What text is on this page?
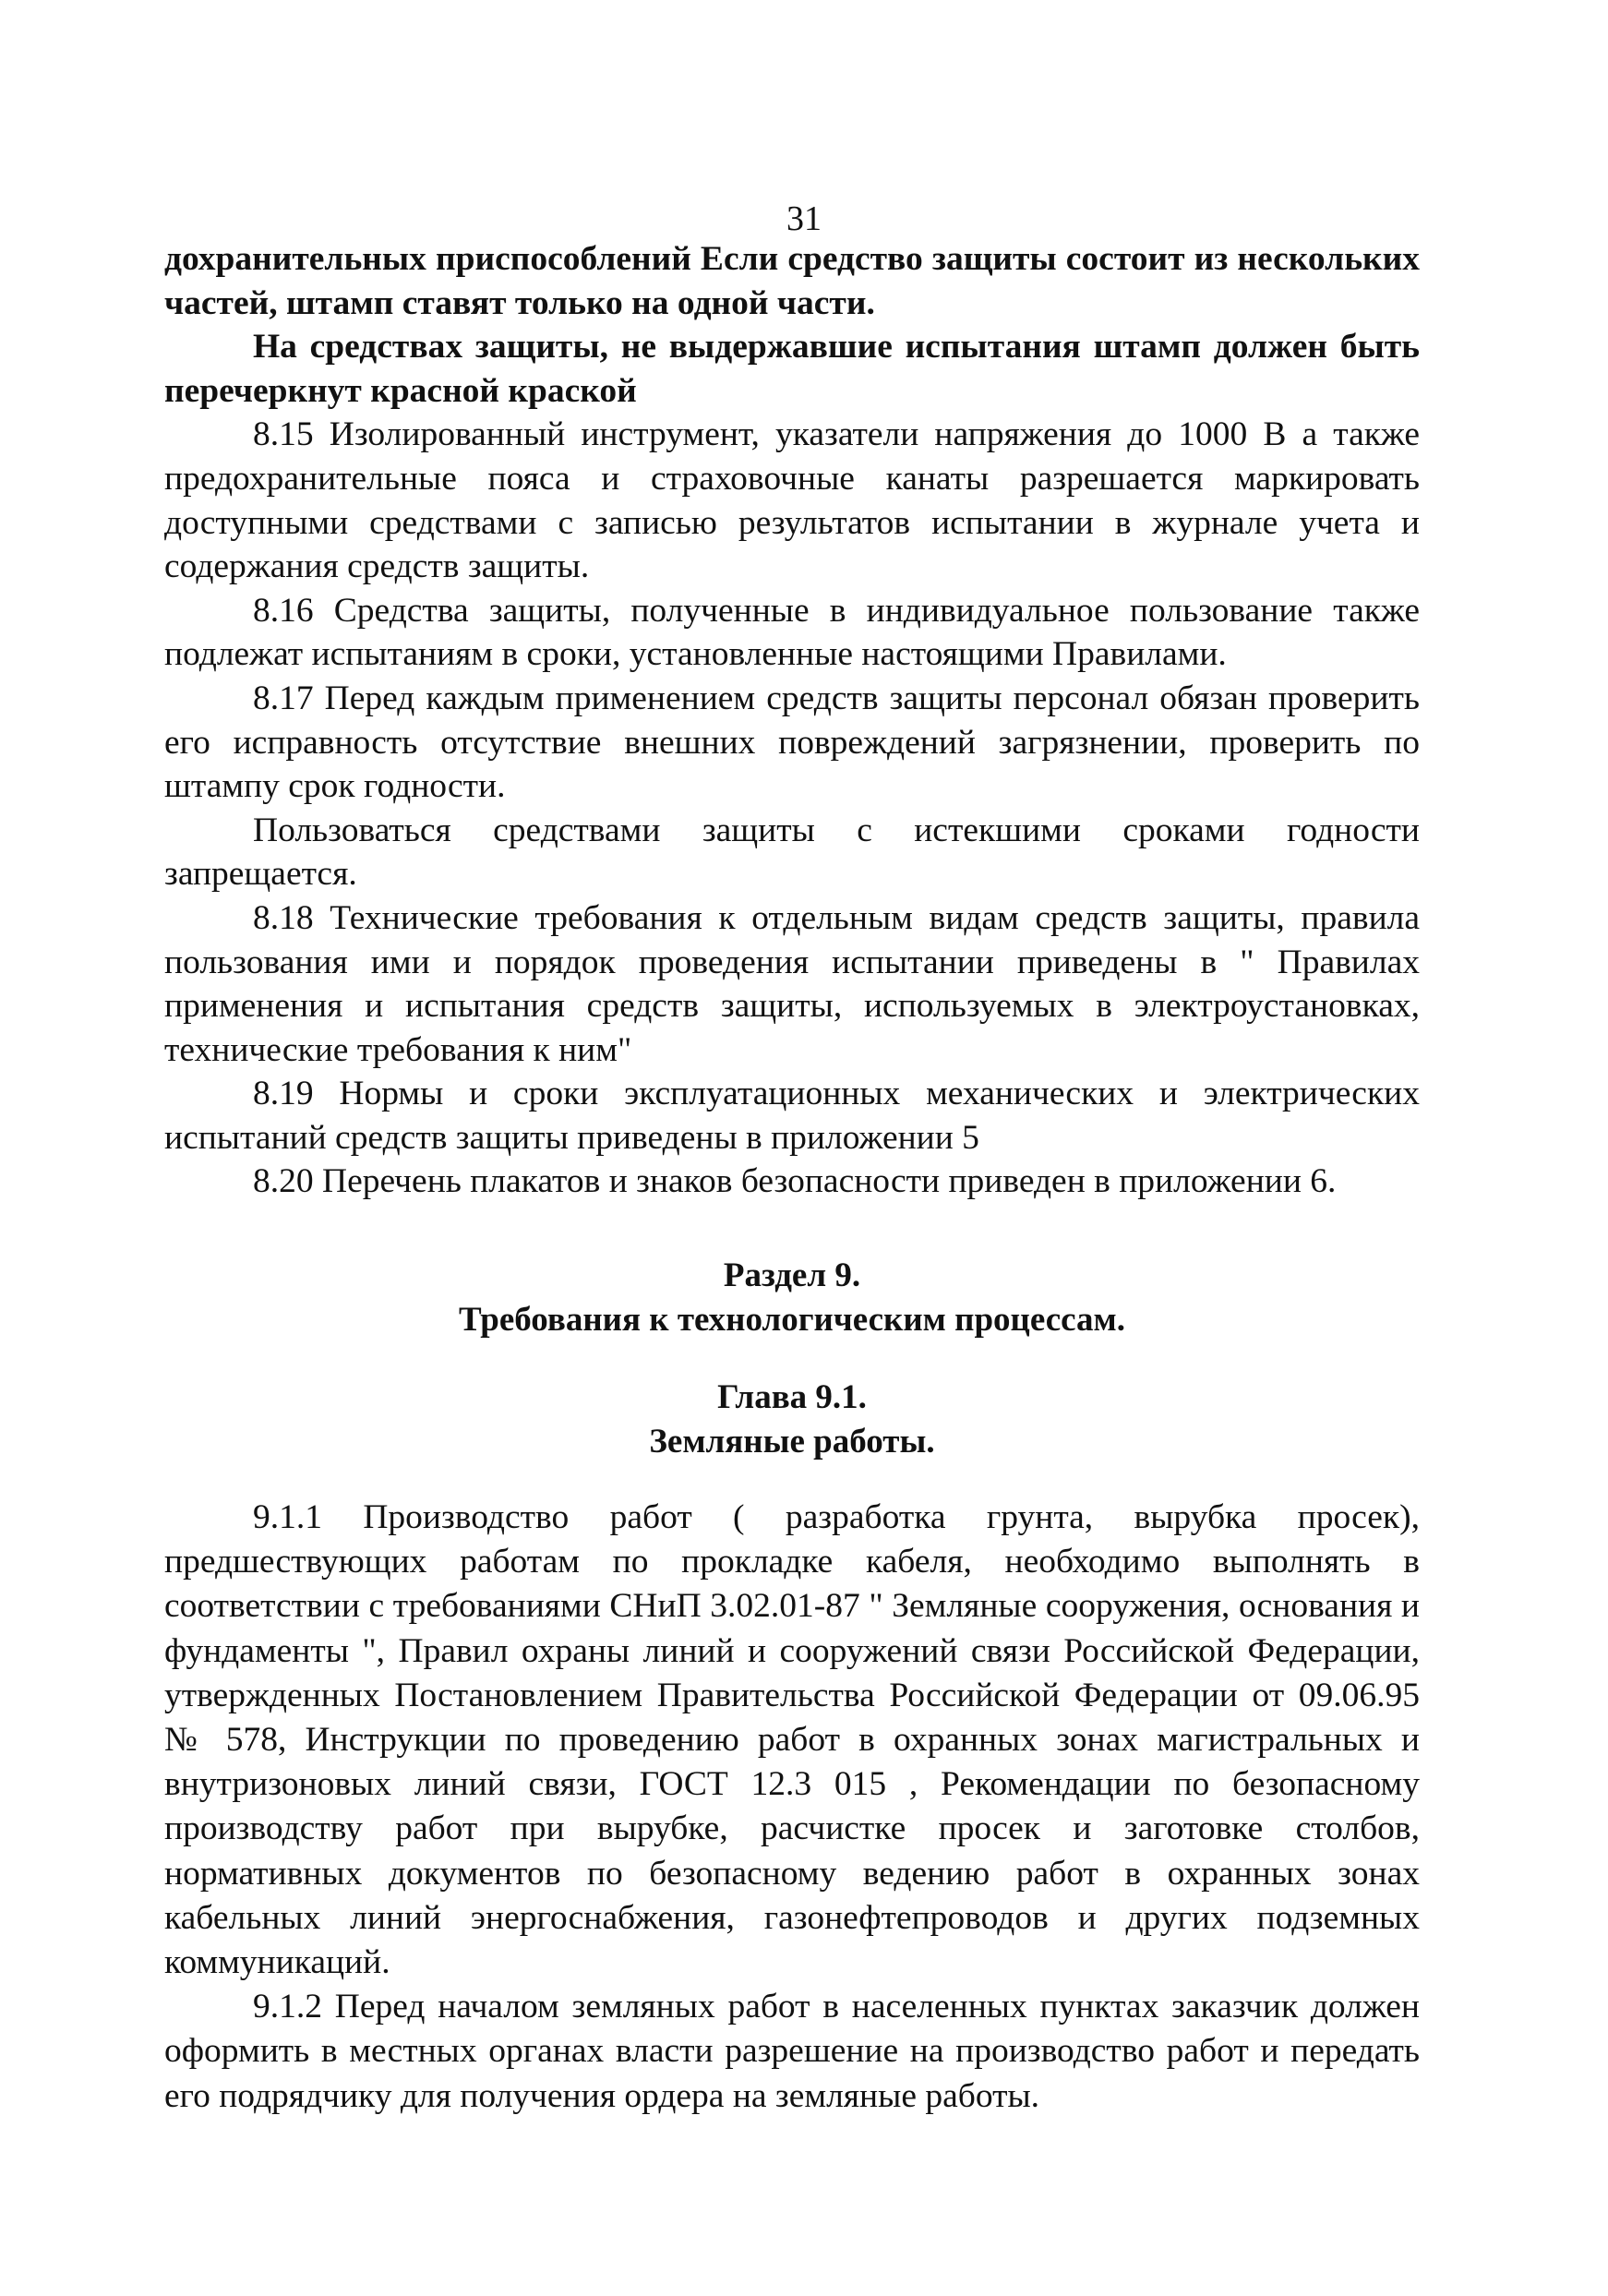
31

дохранительных приспособлений Если средство защиты состоит из нескольких частей, штамп ставят только на одной части.

На средствах защиты, не выдержавшие испытания штамп должен быть перечеркнут красной краской

8.15 Изолированный инструмент, указатели напряжения до 1000 В а также предохранительные пояса и страховочные канаты разрешается маркировать доступными средствами с записью результатов испытании в журнале учета и содержания средств защиты.

8.16 Средства защиты, полученные в индивидуальное пользование также подлежат испытаниям в сроки, установленные настоящими Правилами.

8.17 Перед каждым применением средств защиты персонал обязан проверить его исправность отсутствие внешних повреждений загрязнении, проверить по штампу срок годности.

Пользоваться средствами защиты с истекшими сроками годности запрещается.

8.18 Технические требования к отдельным видам средств защиты, правила пользования ими и порядок проведения испытании приведены в " Правилах применения и испытания средств защиты, используемых в электроустановках, технические требования к ним"

8.19 Нормы и сроки эксплуатационных механических и электрических испытаний средств защиты приведены в приложении 5

8.20 Перечень плакатов и знаков безопасности приведен в приложении 6.

Раздел 9.
Требования к технологическим процессам.
Глава 9.1.
Земляные работы.

9.1.1 Производство работ ( разработка грунта, вырубка просек), предшествующих работам по прокладке кабеля, необходимо выполнять в соответствии с требованиями СНиП 3.02.01-87 " Земляные сооружения, основания и фундаменты ", Правил охраны линий и сооружений связи Российской Федерации, утвержденных Постановлением Правительства Российской Федерации от 09.06.95 № 578, Инструкции по проведению работ в охранных зонах магистральных и внутризоновых линий связи, ГОСТ 12.3 015 , Рекомендации по безопасному производству работ при вырубке, расчистке просек и заготовке столбов, нормативных документов по безопасному ведению работ в охранных зонах кабельных линий энергоснабжения, газонефтепроводов и других подземных коммуникаций.

9.1.2 Перед началом земляных работ в населенных пунктах заказчик должен оформить в местных органах власти разрешение на производство работ и передать его подрядчику для получения ордера на земляные работы.
